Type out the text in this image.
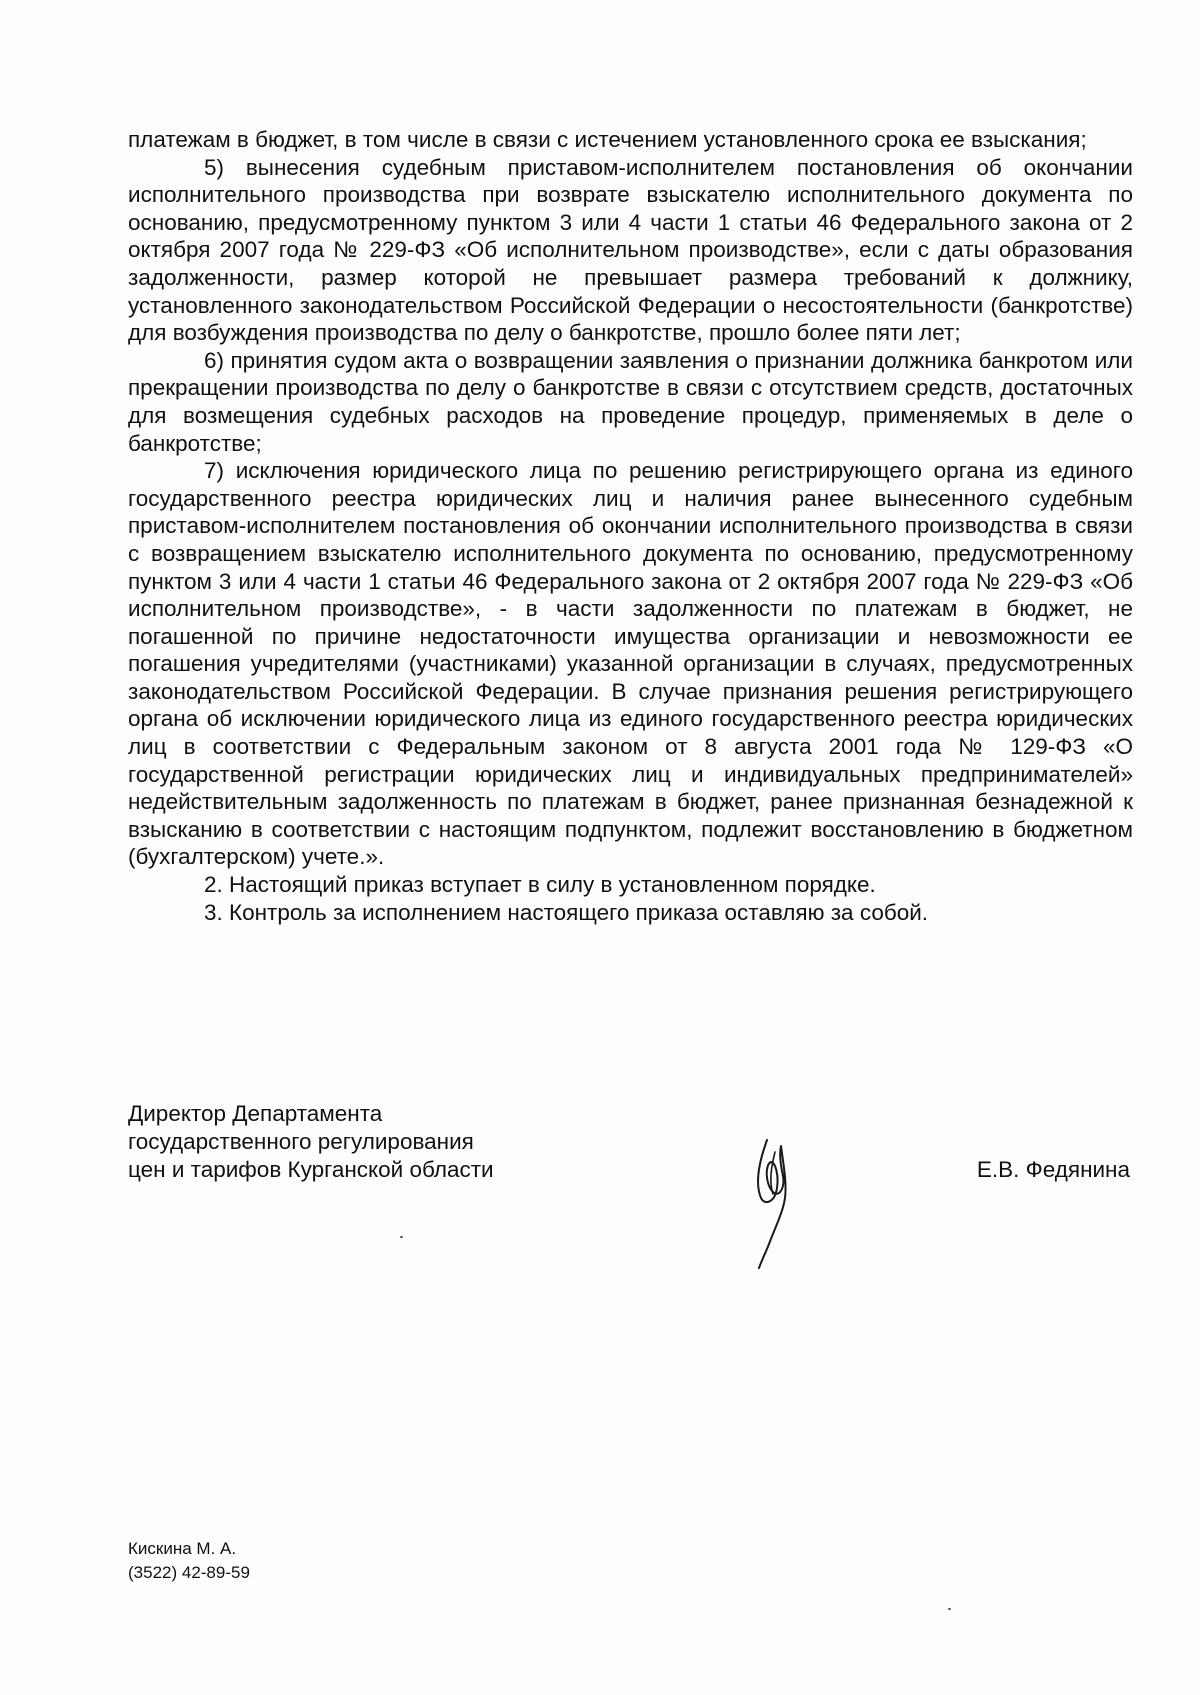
платежам в бюджет, в том числе в связи с истечением установленного срока ее взыскания;

5) вынесения судебным приставом-исполнителем постановления об окончании исполнительного производства при возврате взыскателю исполнительного документа по основанию, предусмотренному пунктом 3 или 4 части 1 статьи 46 Федерального закона от 2 октября 2007 года № 229-ФЗ «Об исполнительном производстве», если с даты образования задолженности, размер которой не превышает размера требований к должнику, установленного законодательством Российской Федерации о несостоятельности (банкротстве) для возбуждения производства по делу о банкротстве, прошло более пяти лет;

6) принятия судом акта о возвращении заявления о признании должника банкротом или прекращении производства по делу о банкротстве в связи с отсутствием средств, достаточных для возмещения судебных расходов на проведение процедур, применяемых в деле о банкротстве;

7) исключения юридического лица по решению регистрирующего органа из единого государственного реестра юридических лиц и наличия ранее вынесенного судебным приставом-исполнителем постановления об окончании исполнительного производства в связи с возвращением взыскателю исполнительного документа по основанию, предусмотренному пунктом 3 или 4 части 1 статьи 46 Федерального закона от 2 октября 2007 года № 229-ФЗ «Об исполнительном производстве», - в части задолженности по платежам в бюджет, не погашенной по причине недостаточности имущества организации и невозможности ее погашения учредителями (участниками) указанной организации в случаях, предусмотренных законодательством Российской Федерации. В случае признания решения регистрирующего органа об исключении юридического лица из единого государственного реестра юридических лиц в соответствии с Федеральным законом от 8 августа 2001 года № 129-ФЗ «О государственной регистрации юридических лиц и индивидуальных предпринимателей» недействительным задолженность по платежам в бюджет, ранее признанная безнадежной к взысканию в соответствии с настоящим подпунктом, подлежит восстановлению в бюджетном (бухгалтерском) учете.».

2. Настоящий приказ вступает в силу в установленном порядке.

3. Контроль за исполнением настоящего приказа оставляю за собой.

Директор Департамента
государственного регулирования
цен и тарифов Курганской области	Е.В. Федянина
Кискина М. А.
(3522) 42-89-59
